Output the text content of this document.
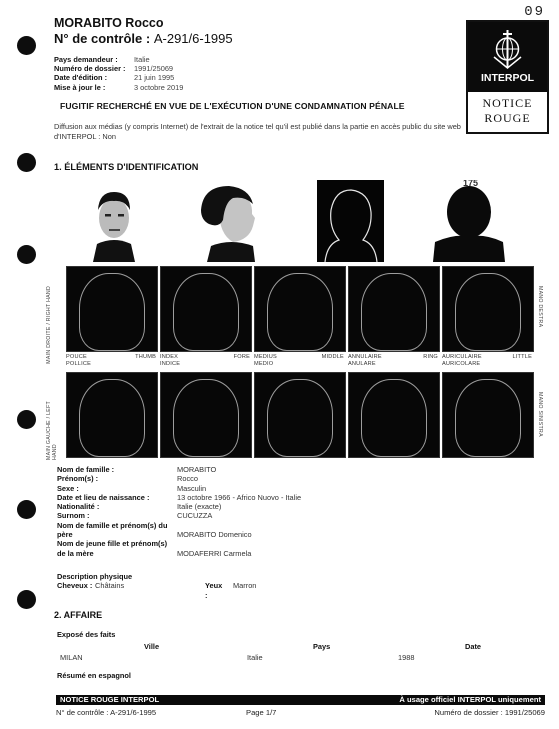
09
MORABITO Rocco
N° de contrôle : A-291/6-1995
Pays demandeur :	Italie
Numéro de dossier :	1991/25069
Date d'édition :	21 juin 1995
Mise à jour le :	3 octobre 2019
INTERPOL
NOTICE
ROUGE
FUGITIF RECHERCHÉ EN VUE DE L'EXÉCUTION D'UNE CONDAMNATION PÉNALE
Diffusion aux médias (y compris Internet) de l'extrait de la notice tel qu'il est publié dans la partie en accès public du site web d'INTERPOL : Non
1. ÉLÉMENTS D'IDENTIFICATION
175
POUCE	THUMB
POLLICE
INDEX	FORE
INDICE
MEDIUS	MIDDLE
MEDIO
ANNULAIRE	RING
ANULARE
AURICULAIRE	LITTLE
AURICOLARE
MAIN DROITE / RIGHT HAND
MAIN GAUCHE / LEFT HAND
MANO DESTRA
MANO SINISTRA
Nom de famille :	MORABITO
Prénom(s) :	Rocco
Sexe :	Masculin
Date et lieu de naissance :	13 octobre 1966 - Africo Nuovo - Italie
Nationalité :	Italie (exacte)
Surnom :	CUCUZZA
Nom de famille et prénom(s) du
père	MORABITO Domenico
Nom de jeune fille et prénom(s)
de la mère	MODAFERRI Carmela
Description physique
Cheveux : Châtains	Yeux :
Marron
2. AFFAIRE
Exposé des faits
Ville	Pays	Date
MILAN	Italie	1988
Résumé en espagnol
NOTICE ROUGE INTERPOL	À usage officiel INTERPOL uniquement
N° de contrôle : A-291/6-1995	Page 1/7	Numéro de dossier : 1991/25069
